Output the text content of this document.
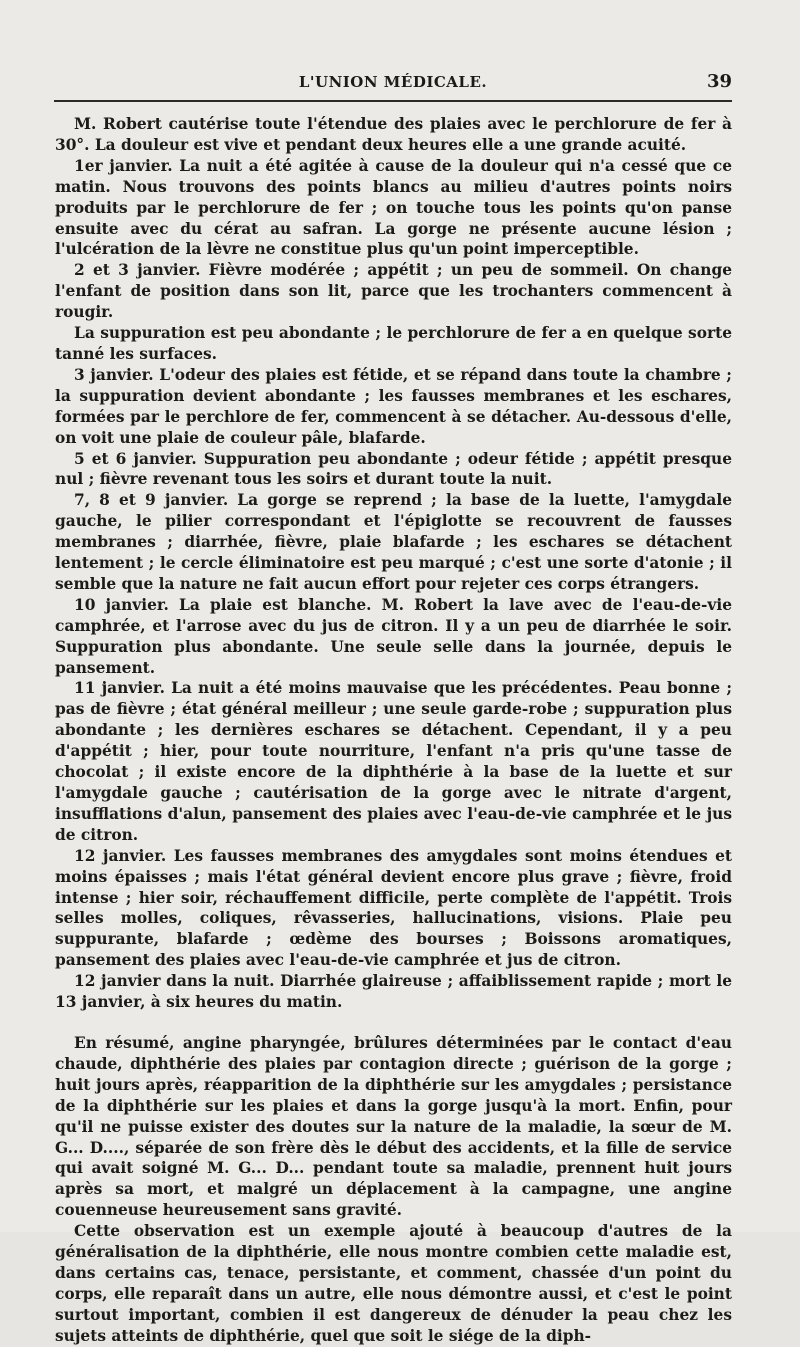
L'UNION MÉDICALE.	39

M. Robert cautérise toute l'étendue des plaies avec le perchlorure de fer à 30°. La douleur est vive et pendant deux heures elle a une grande acuité.

1er janvier. La nuit a été agitée à cause de la douleur qui n'a cessé que ce matin. Nous trouvons des points blancs au milieu d'autres points noirs produits par le perchlorure de fer ; on touche tous les points qu'on panse ensuite avec du cérat au safran. La gorge ne présente aucune lésion ; l'ulcération de la lèvre ne constitue plus qu'un point imperceptible.

2 et 3 janvier. Fièvre modérée ; appétit ; un peu de sommeil. On change l'enfant de position dans son lit, parce que les trochanters commencent à rougir.

La suppuration est peu abondante ; le perchlorure de fer a en quelque sorte tanné les surfaces.

3 janvier. L'odeur des plaies est fétide, et se répand dans toute la chambre ; la suppuration devient abondante ; les fausses membranes et les eschares, formées par le perchlore de fer, commencent à se détacher. Au-dessous d'elle, on voit une plaie de couleur pâle, blafarde.

5 et 6 janvier. Suppuration peu abondante ; odeur fétide ; appétit presque nul ; fièvre revenant tous les soirs et durant toute la nuit.

7, 8 et 9 janvier. La gorge se reprend ; la base de la luette, l'amygdale gauche, le pilier correspondant et l'épiglotte se recouvrent de fausses membranes ; diarrhée, fièvre, plaie blafarde ; les eschares se détachent lentement ; le cercle éliminatoire est peu marqué ; c'est une sorte d'atonie ; il semble que la nature ne fait aucun effort pour rejeter ces corps étrangers.

10 janvier. La plaie est blanche. M. Robert la lave avec de l'eau-de-vie camphrée, et l'arrose avec du jus de citron. Il y a un peu de diarrhée le soir. Suppuration plus abondante. Une seule selle dans la journée, depuis le pansement.

11 janvier. La nuit a été moins mauvaise que les précédentes. Peau bonne ; pas de fièvre ; état général meilleur ; une seule garde-robe ; suppuration plus abondante ; les dernières eschares se détachent. Cependant, il y a peu d'appétit ; hier, pour toute nourriture, l'enfant n'a pris qu'une tasse de chocolat ; il existe encore de la diphthérie à la base de la luette et sur l'amygdale gauche ; cautérisation de la gorge avec le nitrate d'argent, insufflations d'alun, pansement des plaies avec l'eau-de-vie camphrée et le jus de citron.

12 janvier. Les fausses membranes des amygdales sont moins étendues et moins épaisses ; mais l'état général devient encore plus grave ; fièvre, froid intense ; hier soir, réchauffement difficile, perte complète de l'appétit. Trois selles molles, coliques, rêvasseries, hallucinations, visions. Plaie peu suppurante, blafarde ; œdème des bourses ; Boissons aromatiques, pansement des plaies avec l'eau-de-vie camphrée et jus de citron.

12 janvier dans la nuit. Diarrhée glaireuse ; affaiblissement rapide ; mort le 13 janvier, à six heures du matin.

En résumé, angine pharyngée, brûlures déterminées par le contact d'eau chaude, diphthérie des plaies par contagion directe ; guérison de la gorge ; huit jours après, réapparition de la diphthérie sur les amygdales ; persistance de la diphthérie sur les plaies et dans la gorge jusqu'à la mort. Enfin, pour qu'il ne puisse exister des doutes sur la nature de la maladie, la sœur de M. G... D...., séparée de son frère dès le début des accidents, et la fille de service qui avait soigné M. G... D... pendant toute sa maladie, prennent huit jours après sa mort, et malgré un déplacement à la campagne, une angine couenneuse heureusement sans gravité.

Cette observation est un exemple ajouté à beaucoup d'autres de la généralisation de la diphthérie, elle nous montre combien cette maladie est, dans certains cas, tenace, persistante, et comment, chassée d'un point du corps, elle reparaît dans un autre, elle nous démontre aussi, et c'est le point surtout important, combien il est dangereux de dénuder la peau chez les sujets atteints de diphthérie, quel que soit le siége de la diph-
